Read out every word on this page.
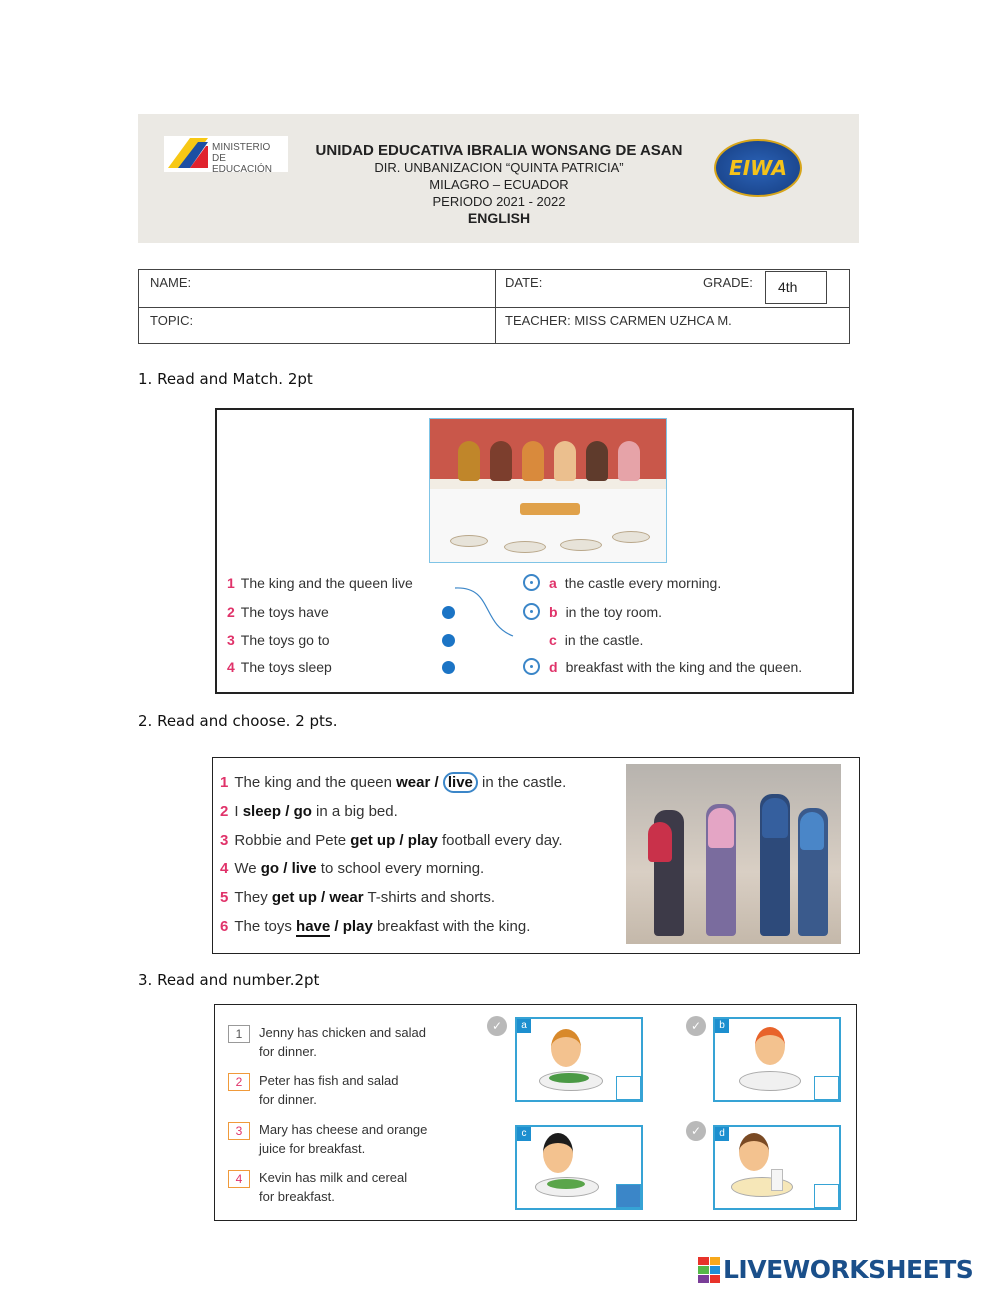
MINISTERIO
DE EDUCACIÓN
UNIDAD EDUCATIVA IBRALIA WONSANG DE ASAN
DIR. UNBANIZACION “QUINTA PATRICIA”
MILAGRO – ECUADOR
PERIODO 2021 - 2022
ENGLISH
EIWA
NAME:	DATE:	GRADE:	4th
TOPIC:	TEACHER: MISS CARMEN UZHCA M.
1. Read and Match. 2pt
1 The king and the queen live
2 The toys have
3 The toys go to
4 The toys sleep
a the castle every morning.
b in the toy room.
c in the castle.
d breakfast with the king and the queen.
2. Read and choose. 2 pts.
1 The king and the queen wear / live in the castle.
2 I sleep / go in a big bed.
3 Robbie and Pete get up / play football every day.
4 We go / live to school every morning.
5 They get up / wear T-shirts and shorts.
6 The toys have / play breakfast with the king.
3. Read and number.2pt
1	Jenny has chicken and salad
for dinner.
2	Peter has fish and salad
for dinner.
3	Mary has cheese and orange
juice for breakfast.
4	Kevin has milk and cereal
for breakfast.
✓	a	✓	b
c	✓	d
LIVEWORKSHEETS
